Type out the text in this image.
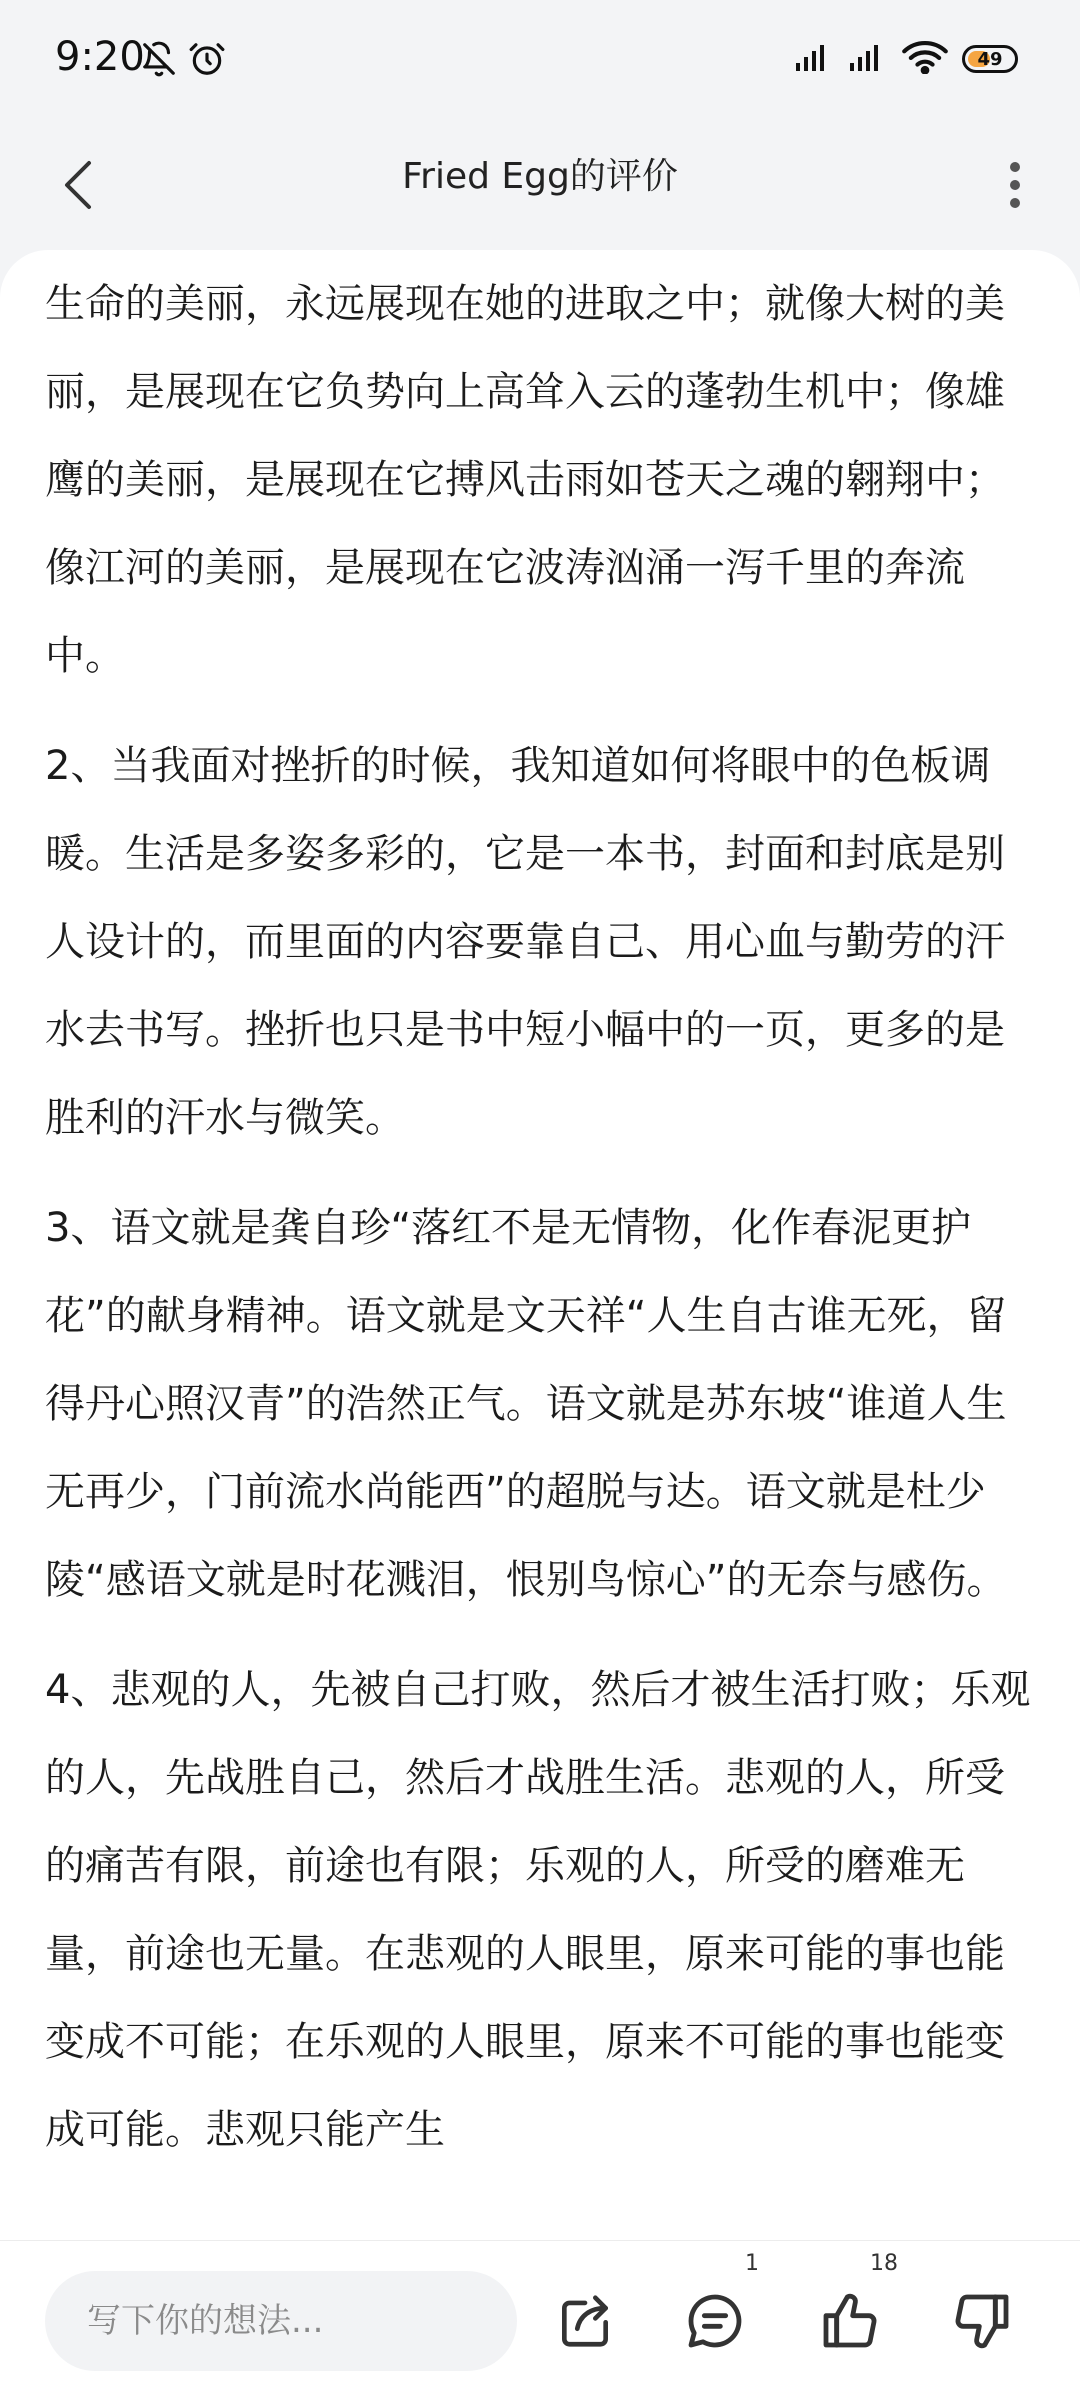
9:20	49
Fried Egg的评价

生命的美丽，永远展现在她的进取之中；就像大树的美丽，是展现在它负势向上高耸入云的蓬勃生机中；像雄鹰的美丽，是展现在它搏风击雨如苍天之魂的翱翔中；像江河的美丽，是展现在它波涛汹涌一泻千里的奔流中。

2、当我面对挫折的时候，我知道如何将眼中的色板调暖。生活是多姿多彩的，它是一本书，封面和封底是别人设计的，而里面的内容要靠自己、用心血与勤劳的汗水去书写。挫折也只是书中短小幅中的一页，更多的是胜利的汗水与微笑。

3、语文就是龚自珍“落红不是无情物，化作春泥更护花”的献身精神。语文就是文天祥“人生自古谁无死，留得丹心照汉青”的浩然正气。语文就是苏东坡“谁道人生无再少，门前流水尚能西”的超脱与达。语文就是杜少陵“感语文就是时花溅泪，恨别鸟惊心”的无奈与感伤。

4、悲观的人，先被自己打败，然后才被生活打败；乐观的人，先战胜自己，然后才战胜生活。悲观的人，所受的痛苦有限，前途也有限；乐观的人，所受的磨难无量，前途也无量。在悲观的人眼里，原来可能的事也能变成不可能；在乐观的人眼里，原来不可能的事也能变成可能。悲观只能产生

写下你的想法...
1	18
